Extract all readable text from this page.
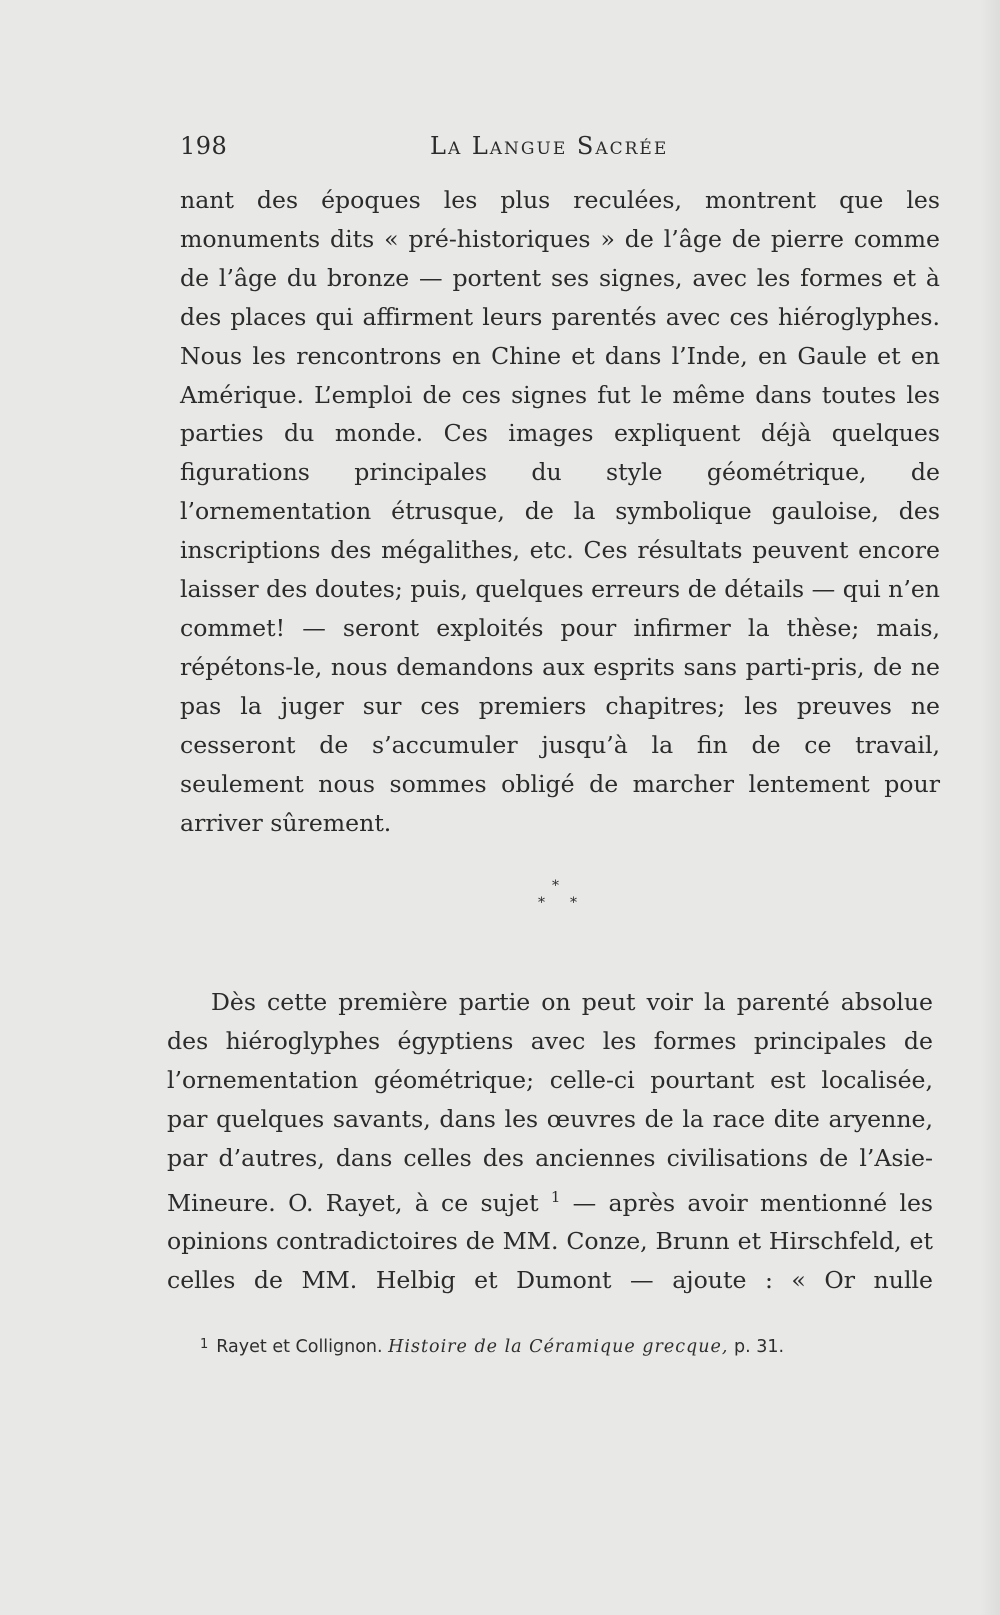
198	La Langue Sacrée

nant des époques les plus reculées, montrent que les monuments dits « pré-historiques » de l’âge de pierre comme de l’âge du bronze — portent ses signes, avec les formes et à des places qui affirment leurs parentés avec ces hiéroglyphes. Nous les rencontrons en Chine et dans l’Inde, en Gaule et en Amérique. L’emploi de ces signes fut le même dans toutes les parties du monde. Ces images expliquent déjà quelques figurations principales du style géométrique, de l’ornementation étrusque, de la symbolique gauloise, des inscriptions des mégalithes, etc. Ces résultats peuvent encore laisser des doutes; puis, quelques erreurs de détails — qui n’en commet! — seront exploités pour infirmer la thèse; mais, répétons-le, nous demandons aux esprits sans parti-pris, de ne pas la juger sur ces premiers chapitres; les preuves ne cesseront de s’accumuler jusqu’à la fin de ce travail, seulement nous sommes obligé de marcher lentement pour arriver sûrement.

*
* *

Dès cette première partie on peut voir la parenté absolue des hiéroglyphes égyptiens avec les formes principales de l’ornementation géométrique; celle-ci pourtant est localisée, par quelques savants, dans les œuvres de la race dite aryenne, par d’autres, dans celles des anciennes civilisations de l’Asie-Mineure. O. Rayet, à ce sujet $^1$ — après avoir mentionné les opinions contradictoires de MM. Conze, Brunn et Hirschfeld, et celles de MM. Helbig et Dumont — ajoute : « Or nulle

$^1$ Rayet et Collignon. Histoire de la Céramique grecque, p. 31.
